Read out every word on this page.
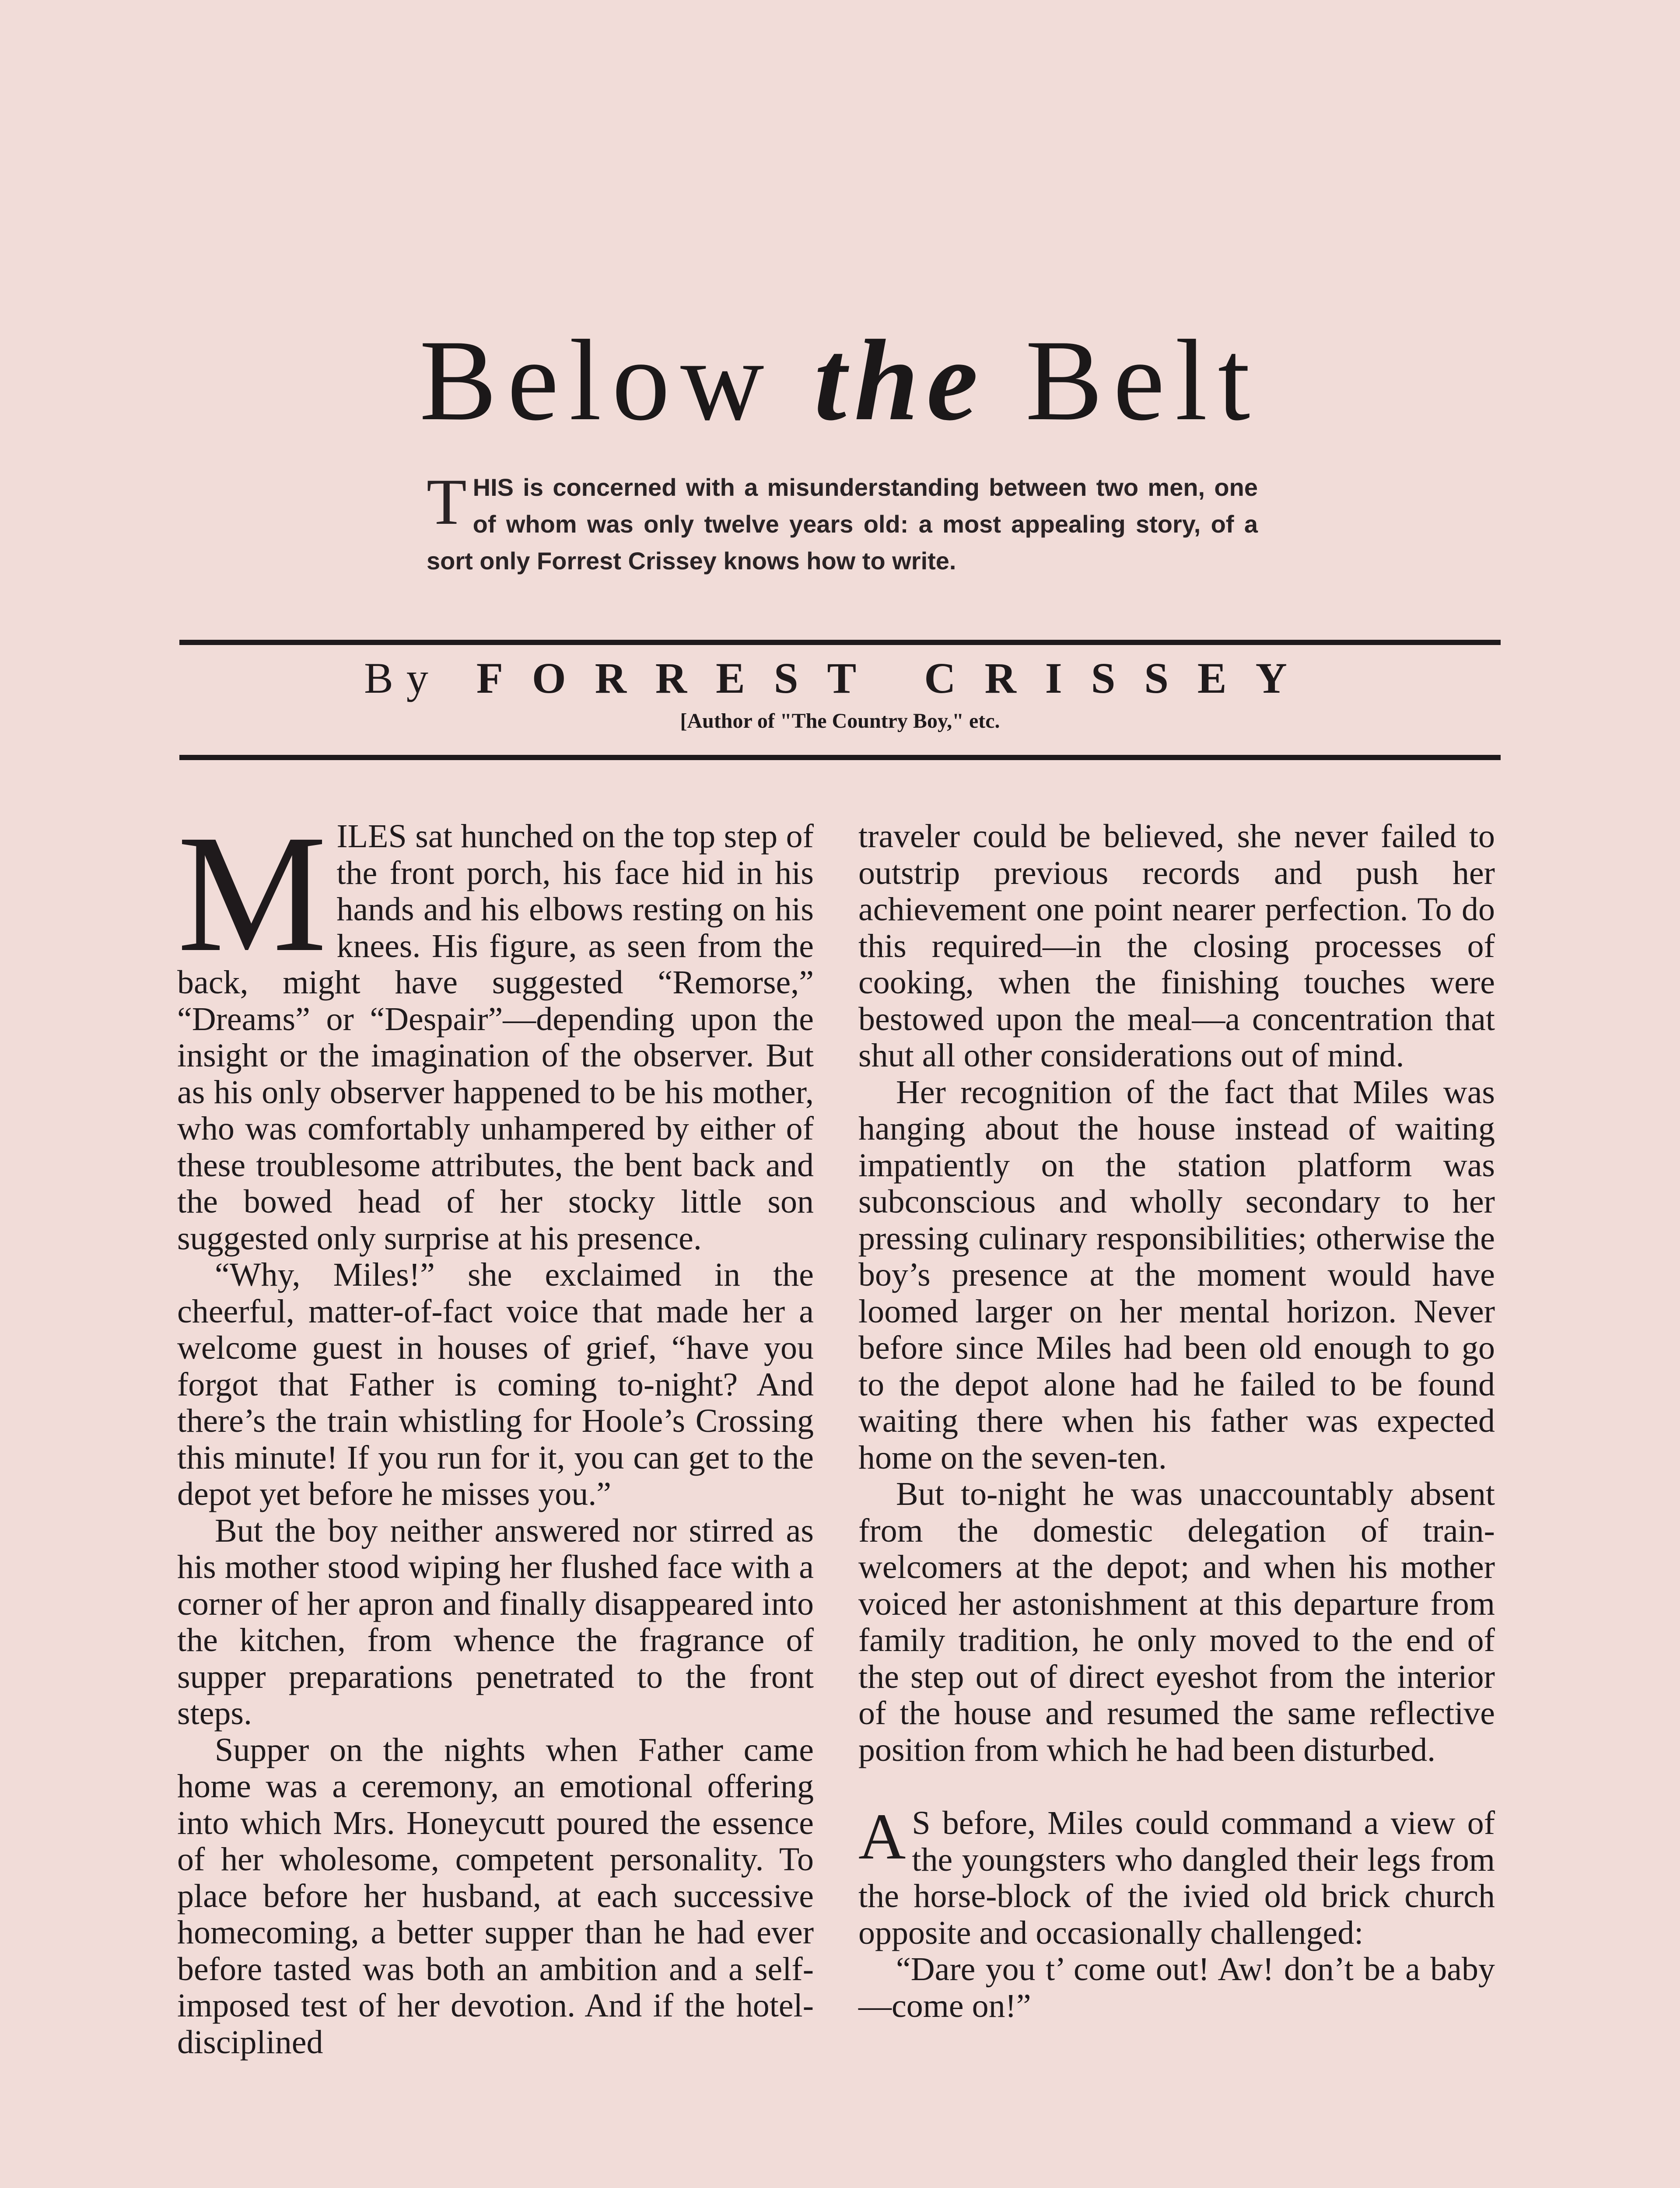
Below the Belt
THIS is concerned with a misunderstanding between two men, one of whom was only twelve years old: a most appealing story, of a sort only Forrest Crissey knows how to write.
By FORREST CRISSEY
[Author of "The Country Boy," etc.

MILES sat hunched on the top step of the front porch, his face hid in his hands and his elbows resting on his knees. His figure, as seen from the back, might have suggested “Remorse,” “Dreams” or “Despair”—depending upon the insight or the imagination of the observer. But as his only observer happened to be his mother, who was comfortably unhampered by either of these troublesome attributes, the bent back and the bowed head of her stocky little son suggested only surprise at his presence.

“Why, Miles!” she exclaimed in the cheerful, matter-of-fact voice that made her a welcome guest in houses of grief, “have you forgot that Father is coming to-night? And there’s the train whistling for Hoole’s Crossing this minute! If you run for it, you can get to the depot yet before he misses you.”

But the boy neither answered nor stirred as his mother stood wiping her flushed face with a corner of her apron and finally disappeared into the kitchen, from whence the fragrance of supper preparations penetrated to the front steps.

Supper on the nights when Father came home was a ceremony, an emotional offering into which Mrs. Honeycutt poured the essence of her wholesome, competent personality. To place before her husband, at each successive homecoming, a better supper than he had ever before tasted was both an ambition and a self-imposed test of her devotion. And if the hotel-disciplined

traveler could be believed, she never failed to outstrip previous records and push her achievement one point nearer perfection. To do this required—in the closing processes of cooking, when the finishing touches were bestowed upon the meal—a concentration that shut all other considerations out of mind.

Her recognition of the fact that Miles was hanging about the house instead of waiting impatiently on the station platform was subconscious and wholly secondary to her pressing culinary responsibilities; otherwise the boy’s presence at the moment would have loomed larger on her mental horizon. Never before since Miles had been old enough to go to the depot alone had he failed to be found waiting there when his father was expected home on the seven-ten.

But to-night he was unaccountably absent from the domestic delegation of train-welcomers at the depot; and when his mother voiced her astonishment at this departure from family tradition, he only moved to the end of the step out of direct eyeshot from the interior of the house and resumed the same reflective position from which he had been disturbed.

A S before, Miles could command a view of the youngsters who dangled their legs from the horse-block of the ivied old brick church opposite and occasionally challenged:

“Dare you t’ come out! Aw! don’t be a baby—come on!”
